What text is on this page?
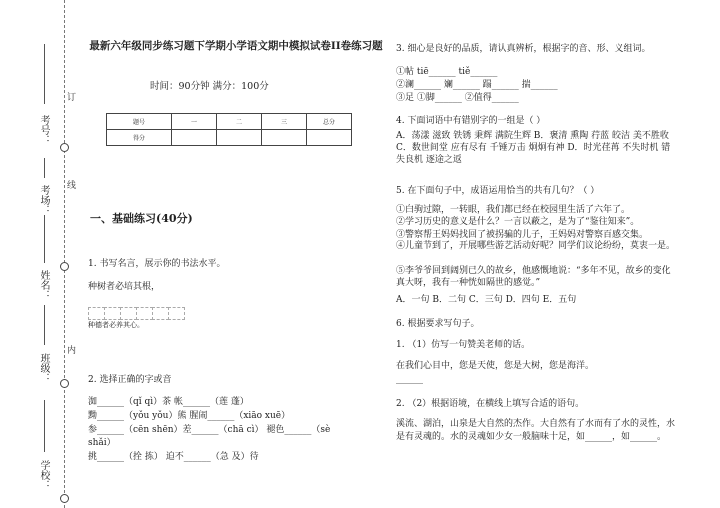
考号：
考场：
姓名：
班级：
学校：
订
线
内
最新六年级同步练习题下学期小学语文期中模拟试卷II卷练习题
时间：90分钟 满分：100分
题号	一	二	三	总分
得分				
一、基础练习(40分)
1. 书写名言，展示你的书法水平。
种树者必培其根，
种德者必养其心。
2. 选择正确的字或音
洳______（qǐ qì）茶 帐______（莲 蓬）
黝______（yǒu yǒu）熊 腥闹______（xiāo xuē）
参______（cēn shēn）差______（chā cì） 褪色______（sè
shǎi）
挑______（拴 拣） 迫不______（急 及）待
3. 细心是良好的品质，请认真辨析，根据字的音、形、义组词。
①帖 tiē______ tiě______
②澜______ 斓______ 蹋______ 揣______
③足 ①脚______ ②值得______
4. 下面词语中有错别字的一组是（ ）
A．荡漾 滋致 铁锈 秉辉 满院生辉 B．褒清 熏陶 荇蓝 皎洁 美不胜收 C．数世间堂 应有尽有 千锤万击 炯炯有神 D．时光荏苒 不失时机 错失良机 逐途之返
5. 在下面句子中，成语运用恰当的共有几句？（ ）
①白驹过隙，一转眼，我们都已经在校园里生活了六年了。
②学习历史的意义是什么？一言以蔽之，是为了“鉴往知来”。
③警察帮王妈妈找回了被拐骗的儿子，王妈妈对警察百感交集。
④儿童节到了，开展哪些游艺活动好呢？同学们议论纷纷，莫衷一是。
⑤李爷爷回到阔别已久的故乡，他感慨地说：“多年不见，故乡的变化真大呀，我有一种恍如隔世的感觉。”
A．一句 B．二句 C．三句 D．四句 E．五句
6. 根据要求写句子。
1. （1）仿写一句赞美老师的话。
在我们心目中，您是天使，您是大树，您是海洋。
______
2. （2）根据语境，在横线上填写合适的语句。
溪流、湖泊，山泉是大自然的杰作。大自然有了水而有了水的灵性，水是有灵魂的。水的灵魂如少女一般脑味十足，如______，如______。
